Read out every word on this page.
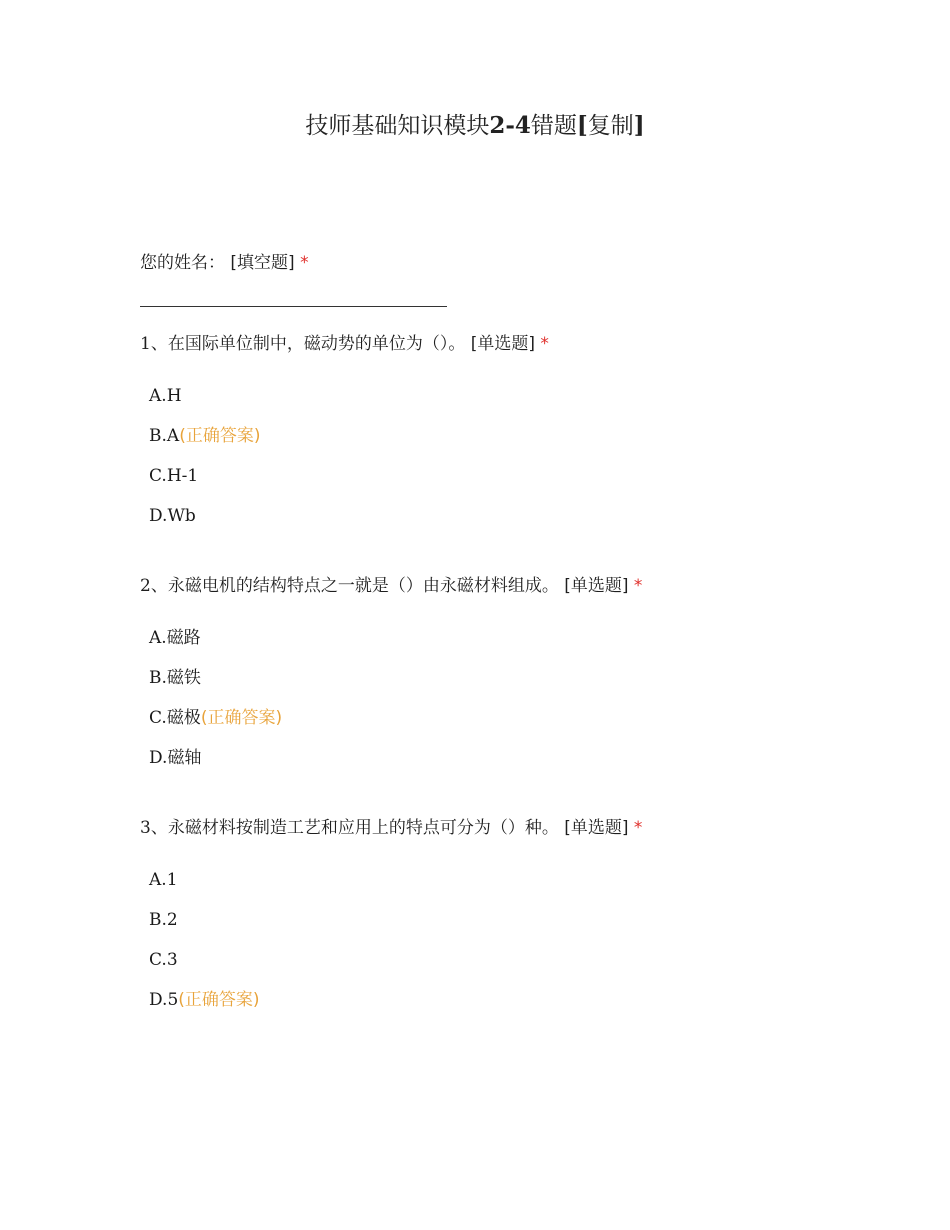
技师基础知识模块2-4错题[复制]
您的姓名： [填空题] *
1、在国际单位制中，磁动势的单位为（）。 [单选题] *
A.H
B.A(正确答案)
C.H-1
D.Wb
2、永磁电机的结构特点之一就是（）由永磁材料组成。 [单选题] *
A.磁路
B.磁铁
C.磁极(正确答案)
D.磁轴
3、永磁材料按制造工艺和应用上的特点可分为（）种。 [单选题] *
A.1
B.2
C.3
D.5(正确答案)
